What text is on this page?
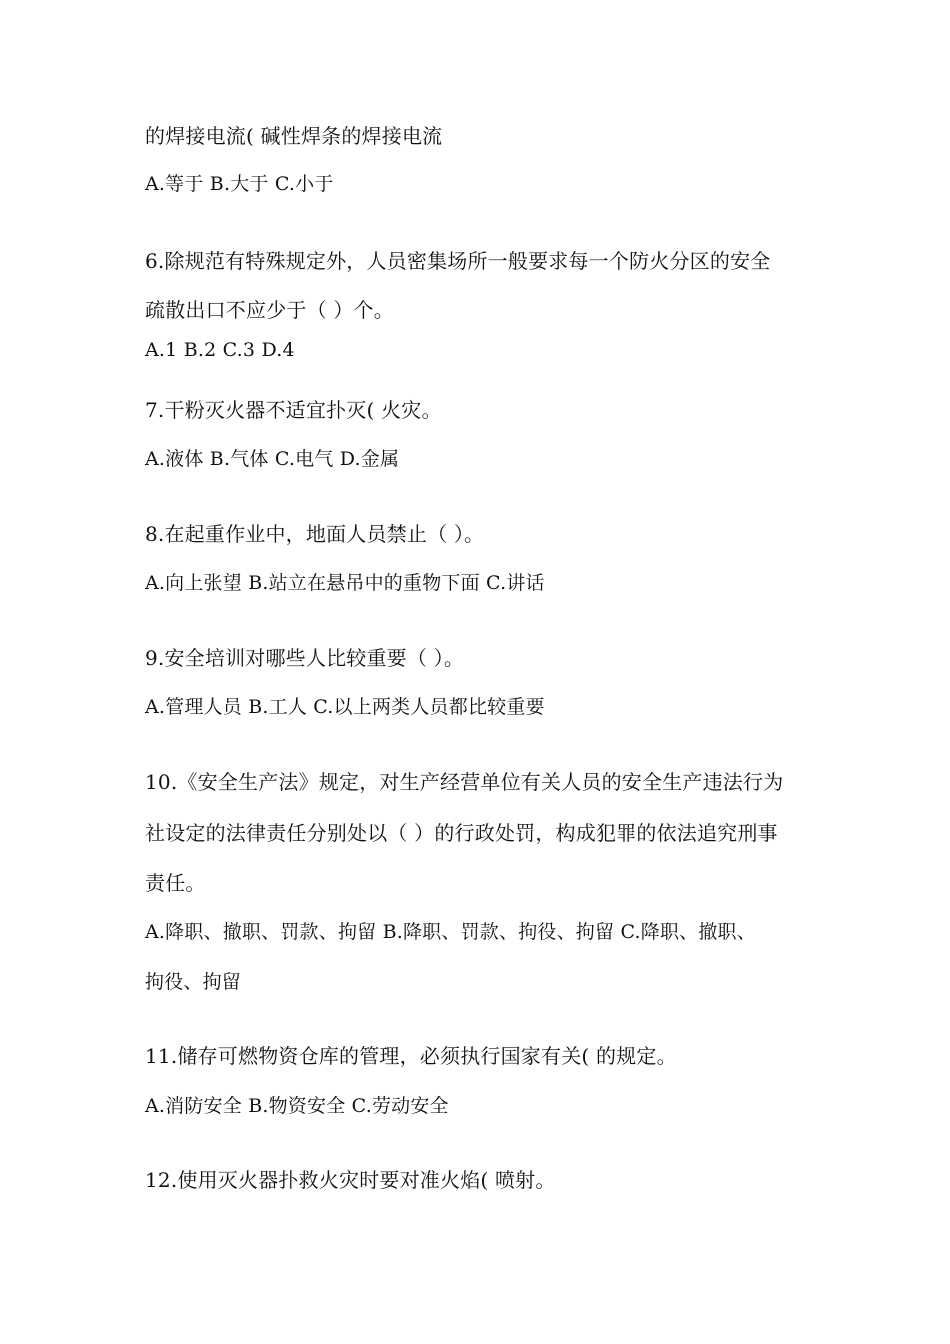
的焊接电流( 碱性焊条的焊接电流
A.等于 B.大于 C.小于
6.除规范有特殊规定外，人员密集场所一般要求每一个防火分区的安全
疏散出口不应少于（ ）个。
A.1 B.2 C.3 D.4
7.干粉灭火器不适宜扑灭( 火灾。
A.液体 B.气体 C.电气 D.金属
8.在起重作业中，地面人员禁止（ ）。
A.向上张望 B.站立在悬吊中的重物下面 C.讲话
9.安全培训对哪些人比较重要（ ）。
A.管理人员 B.工人 C.以上两类人员都比较重要
10.《安全生产法》规定，对生产经营单位有关人员的安全生产违法行为
社设定的法律责任分别处以（ ）的行政处罚，构成犯罪的依法追究刑事
责任。
A.降职、撤职、罚款、拘留 B.降职、罚款、拘役、拘留 C.降职、撤职、
拘役、拘留
11.储存可燃物资仓库的管理，必须执行国家有关( 的规定。
A.消防安全 B.物资安全 C.劳动安全
12.使用灭火器扑救火灾时要对准火焰( 喷射。
